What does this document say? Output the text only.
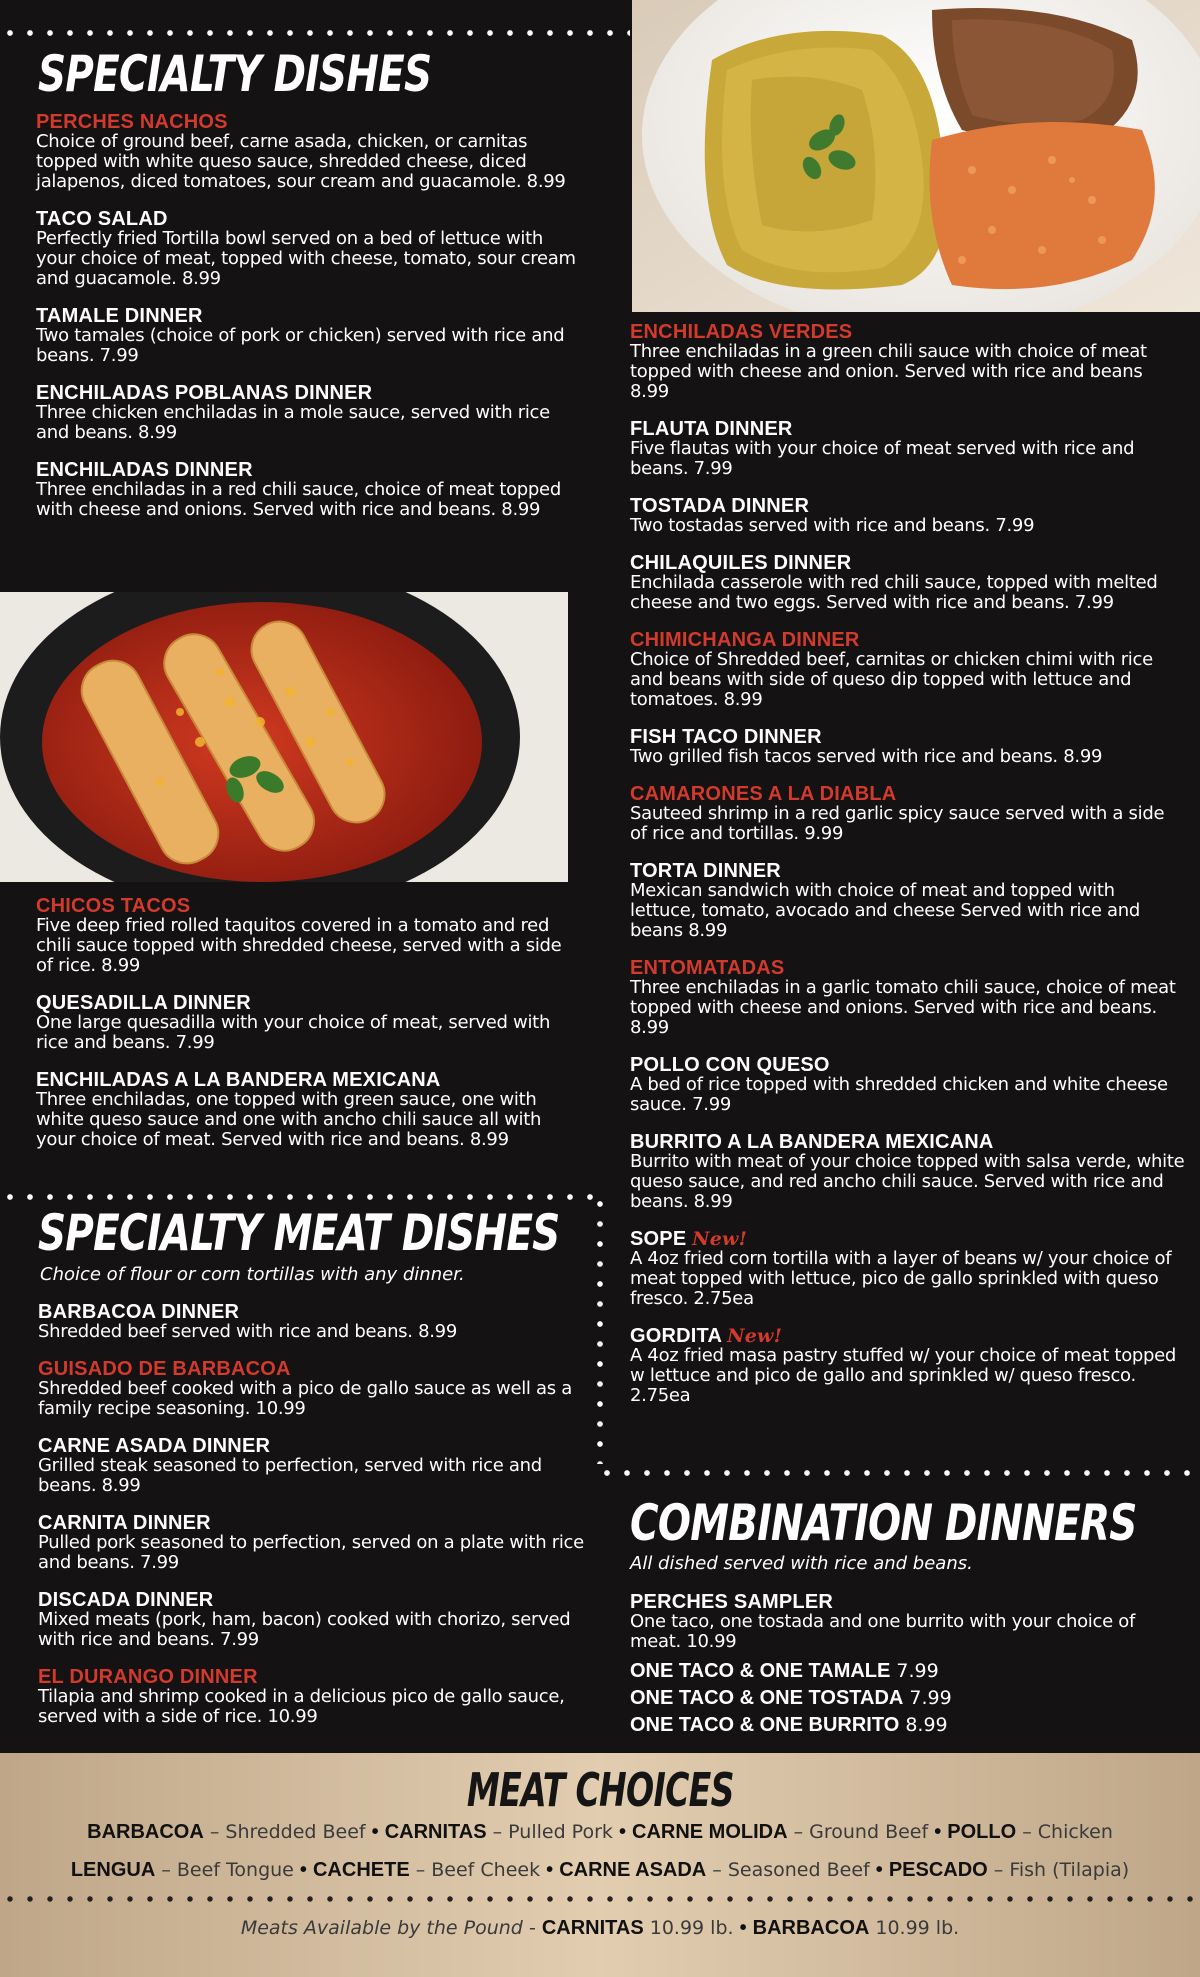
SPECIALTY DISHES
PERCHES NACHOS
Choice of ground beef, carne asada, chicken, or carnitas topped with white queso sauce, shredded cheese, diced jalapenos, diced tomatoes, sour cream and guacamole. 8.99
TACO SALAD
Perfectly fried Tortilla bowl served on a bed of lettuce with your choice of meat, topped with cheese, tomato, sour cream and guacamole. 8.99
TAMALE DINNER
Two tamales (choice of pork or chicken) served with rice and beans. 7.99
ENCHILADAS POBLANAS DINNER
Three chicken enchiladas in a mole sauce, served with rice and beans. 8.99
ENCHILADAS DINNER
Three enchiladas in a red chili sauce, choice of meat topped with cheese and onions. Served with rice and beans. 8.99
CHICOS TACOS
Five deep fried rolled taquitos covered in a tomato and red chili sauce topped with shredded cheese, served with a side of rice. 8.99
QUESADILLA DINNER
One large quesadilla with your choice of meat, served with rice and beans. 7.99
ENCHILADAS A LA BANDERA MEXICANA
Three enchiladas, one topped with green sauce, one with white queso sauce and one with ancho chili sauce all with your choice of meat. Served with rice and beans. 8.99
ENCHILADAS VERDES
Three enchiladas in a green chili sauce with choice of meat topped with cheese and onion. Served with rice and beans 8.99
FLAUTA DINNER
Five flautas with your choice of meat served with rice and beans. 7.99
TOSTADA DINNER
Two tostadas served with rice and beans. 7.99
CHILAQUILES DINNER
Enchilada casserole with red chili sauce, topped with melted cheese and two eggs. Served with rice and beans. 7.99
CHIMICHANGA DINNER
Choice of Shredded beef, carnitas or chicken chimi with rice and beans with side of queso dip topped with lettuce and tomatoes. 8.99
FISH TACO DINNER
Two grilled fish tacos served with rice and beans. 8.99
CAMARONES A LA DIABLA
Sauteed shrimp in a red garlic spicy sauce served with a side of rice and tortillas. 9.99
TORTA DINNER
Mexican sandwich with choice of meat and topped with lettuce, tomato, avocado and cheese Served with rice and beans 8.99
ENTOMATADAS
Three enchiladas in a garlic tomato chili sauce, choice of meat topped with cheese and onions. Served with rice and beans. 8.99
POLLO CON QUESO
A bed of rice topped with shredded chicken and white cheese sauce. 7.99
BURRITO A LA BANDERA MEXICANA
Burrito with meat of your choice topped with salsa verde, white queso sauce, and red ancho chili sauce. Served with rice and beans. 8.99
SOPE New!
A 4oz fried corn tortilla with a layer of beans w/ your choice of meat topped with lettuce, pico de gallo sprinkled with queso fresco. 2.75ea
GORDITA New!
A 4oz fried masa pastry stuffed w/ your choice of meat topped w lettuce and pico de gallo and sprinkled w/ queso fresco. 2.75ea
SPECIALTY MEAT DISHES
Choice of flour or corn tortillas with any dinner.
BARBACOA DINNER
Shredded beef served with rice and beans. 8.99
GUISADO DE BARBACOA
Shredded beef cooked with a pico de gallo sauce as well as a family recipe seasoning. 10.99
CARNE ASADA DINNER
Grilled steak seasoned to perfection, served with rice and beans. 8.99
CARNITA DINNER
Pulled pork seasoned to perfection, served on a plate with rice and beans. 7.99
DISCADA DINNER
Mixed meats (pork, ham, bacon) cooked with chorizo, served with rice and beans. 7.99
EL DURANGO DINNER
Tilapia and shrimp cooked in a delicious pico de gallo sauce, served with a side of rice. 10.99
COMBINATION DINNERS
All dished served with rice and beans.
PERCHES SAMPLER
One taco, one tostada and one burrito with your choice of meat. 10.99
ONE TACO & ONE TAMALE 7.99
ONE TACO & ONE TOSTADA 7.99
ONE TACO & ONE BURRITO 8.99
MEAT CHOICES
BARBACOA – Shredded Beef • CARNITAS – Pulled Pork • CARNE MOLIDA – Ground Beef • POLLO – Chicken
LENGUA – Beef Tongue • CACHETE – Beef Cheek • CARNE ASADA – Seasoned Beef • PESCADO – Fish (Tilapia)
Meats Available by the Pound - CARNITAS 10.99 lb. • BARBACOA 10.99 lb.
